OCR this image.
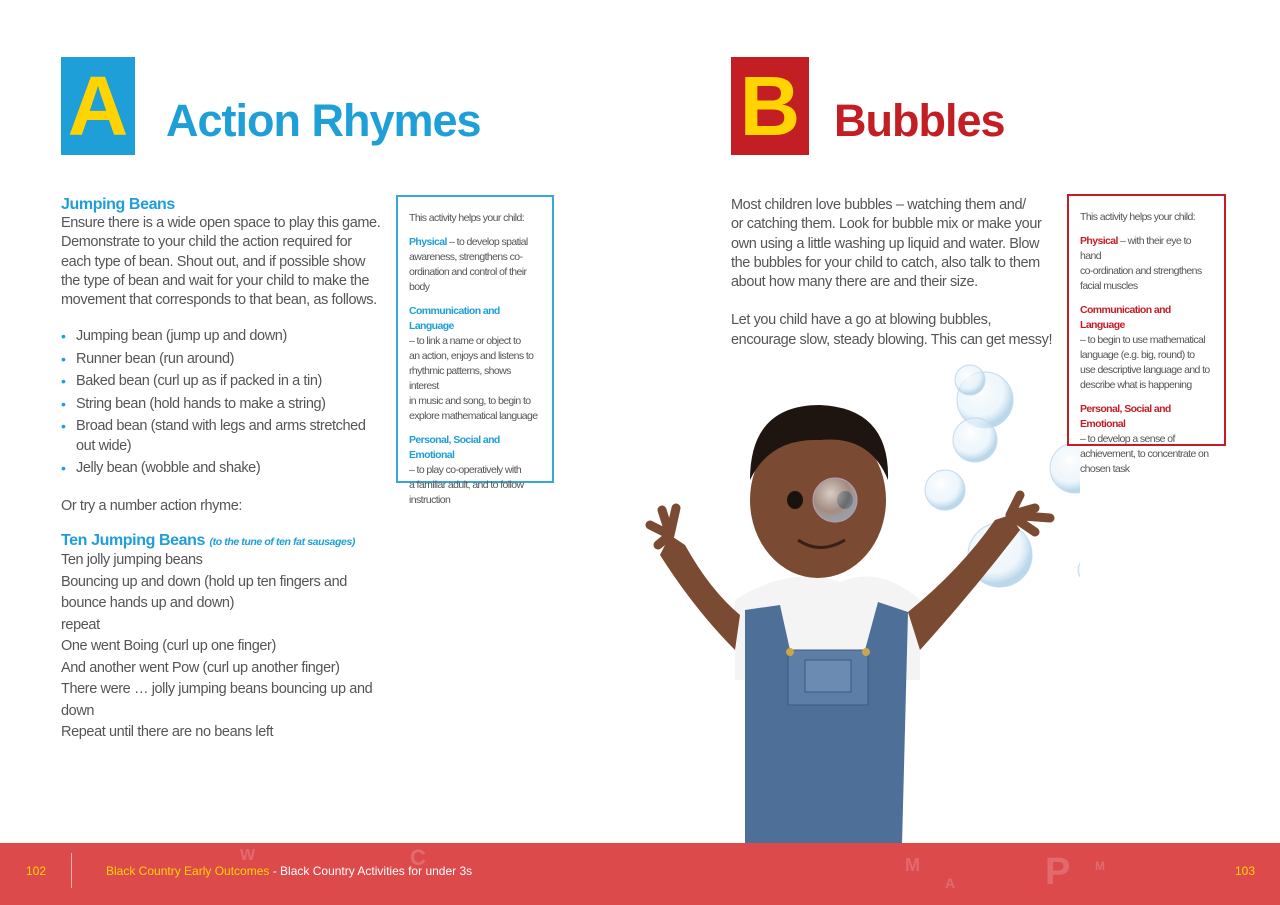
A Action Rhymes
Jumping Beans
Ensure there is a wide open space to play this game.
Demonstrate to your child the action required for
each type of bean. Shout out, and if possible show
the type of bean and wait for your child to make the
movement that corresponds to that bean, as follows.
• Jumping bean (jump up and down)
• Runner bean (run around)
• Baked bean (curl up as if packed in a tin)
• String bean (hold hands to make a string)
• Broad bean (stand with legs and arms stretched out wide)
• Jelly bean (wobble and shake)
Or try a number action rhyme:
Ten Jumping Beans (to the tune of ten fat sausages)
Ten jolly jumping beans
Bouncing up and down (hold up ten fingers and
bounce hands up and down)
repeat
One went Boing (curl up one finger)
And another went Pow (curl up another finger)
There were … jolly jumping beans bouncing up and
down
Repeat until there are no beans left
This activity helps your child:
Physical – to develop spatial
awareness, strengthens co-
ordination and control of their
body
Communication and Language
– to link a name or object to
an action, enjoys and listens to
rhythmic patterns, shows interest
in music and song, to begin to
explore mathematical language
Personal, Social and Emotional
– to play co-operatively with
a familiar adult, and to follow
instruction
B Bubbles
Most children love bubbles – watching them and/
or catching them. Look for bubble mix or make your
own using a little washing up liquid and water. Blow
the bubbles for your child to catch, also talk to them
about how many there are and their size.
Let you child have a go at blowing bubbles,
encourage slow, steady blowing. This can get messy!
This activity helps your child:
Physical – with their eye to hand
co-ordination and strengthens
facial muscles
Communication and Language
– to begin to use mathematical
language (e.g. big, round) to
use descriptive language and to
describe what is happening
Personal, Social and Emotional
– to develop a sense of
achievement, to concentrate on
chosen task
M
A P M
C
W
102	Black Country Early Outcomes - Black Country Activities for under 3s	103
